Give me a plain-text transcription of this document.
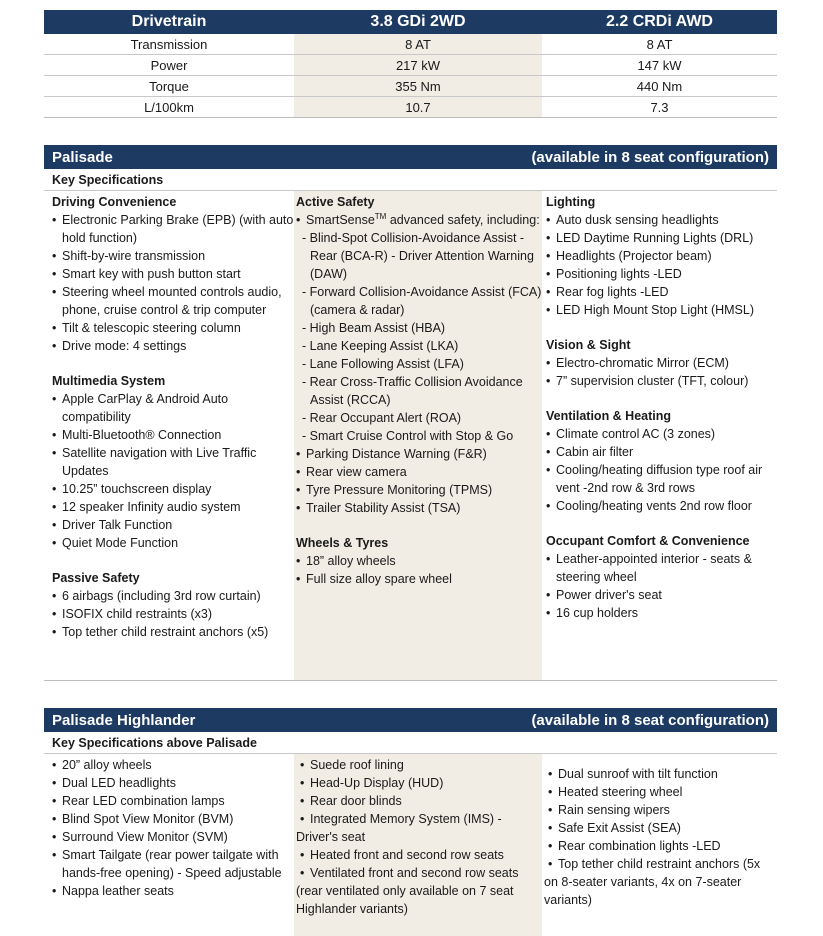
Drivetrain	3.8 GDi 2WD	2.2 CRDi AWD
Transmission	8 AT	8 AT
Power	217 kW	147 kW
Torque	355 Nm	440 Nm
L/100km	10.7	7.3
Palisade	(available in 8 seat configuration)
Key Specifications
Driving Convenience
• Electronic Parking Brake (EPB) (with auto hold function)
• Shift-by-wire transmission
• Smart key with push button start
• Steering wheel mounted controls audio, phone, cruise control & trip computer
• Tilt & telescopic steering column
• Drive mode: 4 settings
Multimedia System
• Apple CarPlay & Android Auto compatibility
• Multi-Bluetooth® Connection
• Satellite navigation with Live Traffic Updates
• 10.25” touchscreen display
• 12 speaker Infinity audio system
• Driver Talk Function
• Quiet Mode Function
Passive Safety
• 6 airbags (including 3rd row curtain)
• ISOFIX child restraints (x3)
• Top tether child restraint anchors (x5)
Active Safety
• SmartSense™ advanced safety, including:
- Blind-Spot Collision-Avoidance Assist -Rear (BCA-R) - Driver Attention Warning (DAW)
- Forward Collision-Avoidance Assist (FCA) (camera & radar)
- High Beam Assist (HBA)
- Lane Keeping Assist (LKA)
- Lane Following Assist (LFA)
- Rear Cross-Traffic Collision Avoidance Assist (RCCA)
- Rear Occupant Alert (ROA)
- Smart Cruise Control with Stop & Go
• Parking Distance Warning (F&R)
• Rear view camera
• Tyre Pressure Monitoring (TPMS)
• Trailer Stability Assist (TSA)
Wheels & Tyres
• 18” alloy wheels
• Full size alloy spare wheel
Lighting
• Auto dusk sensing headlights
• LED Daytime Running Lights (DRL)
• Headlights (Projector beam)
• Positioning lights -LED
• Rear fog lights -LED
• LED High Mount Stop Light (HMSL)
Vision & Sight
• Electro-chromatic Mirror (ECM)
• 7” supervision cluster (TFT, colour)
Ventilation & Heating
• Climate control AC (3 zones)
• Cabin air filter
• Cooling/heating diffusion type roof air vent -2nd row & 3rd rows
• Cooling/heating vents 2nd row floor
Occupant Comfort & Convenience
• Leather-appointed interior - seats & steering wheel
• Power driver's seat
• 16 cup holders
Palisade Highlander	(available in 8 seat configuration)
Key Specifications above Palisade
• 20” alloy wheels
• Dual LED headlights
• Rear LED combination lamps
• Blind Spot View Monitor (BVM)
• Surround View Monitor (SVM)
• Smart Tailgate (rear power tailgate with hands-free opening) - Speed adjustable
• Nappa leather seats
• Suede roof lining
• Head-Up Display (HUD)
• Rear door blinds
• Integrated Memory System (IMS) -
Driver's seat
• Heated front and second row seats
• Ventilated front and second row seats
(rear ventilated only available on 7 seat Highlander variants)
• Dual sunroof with tilt function
• Heated steering wheel
• Rain sensing wipers
• Safe Exit Assist (SEA)
• Rear combination lights -LED
• Top tether child restraint anchors (5x
on 8-seater variants, 4x on 7-seater variants)
